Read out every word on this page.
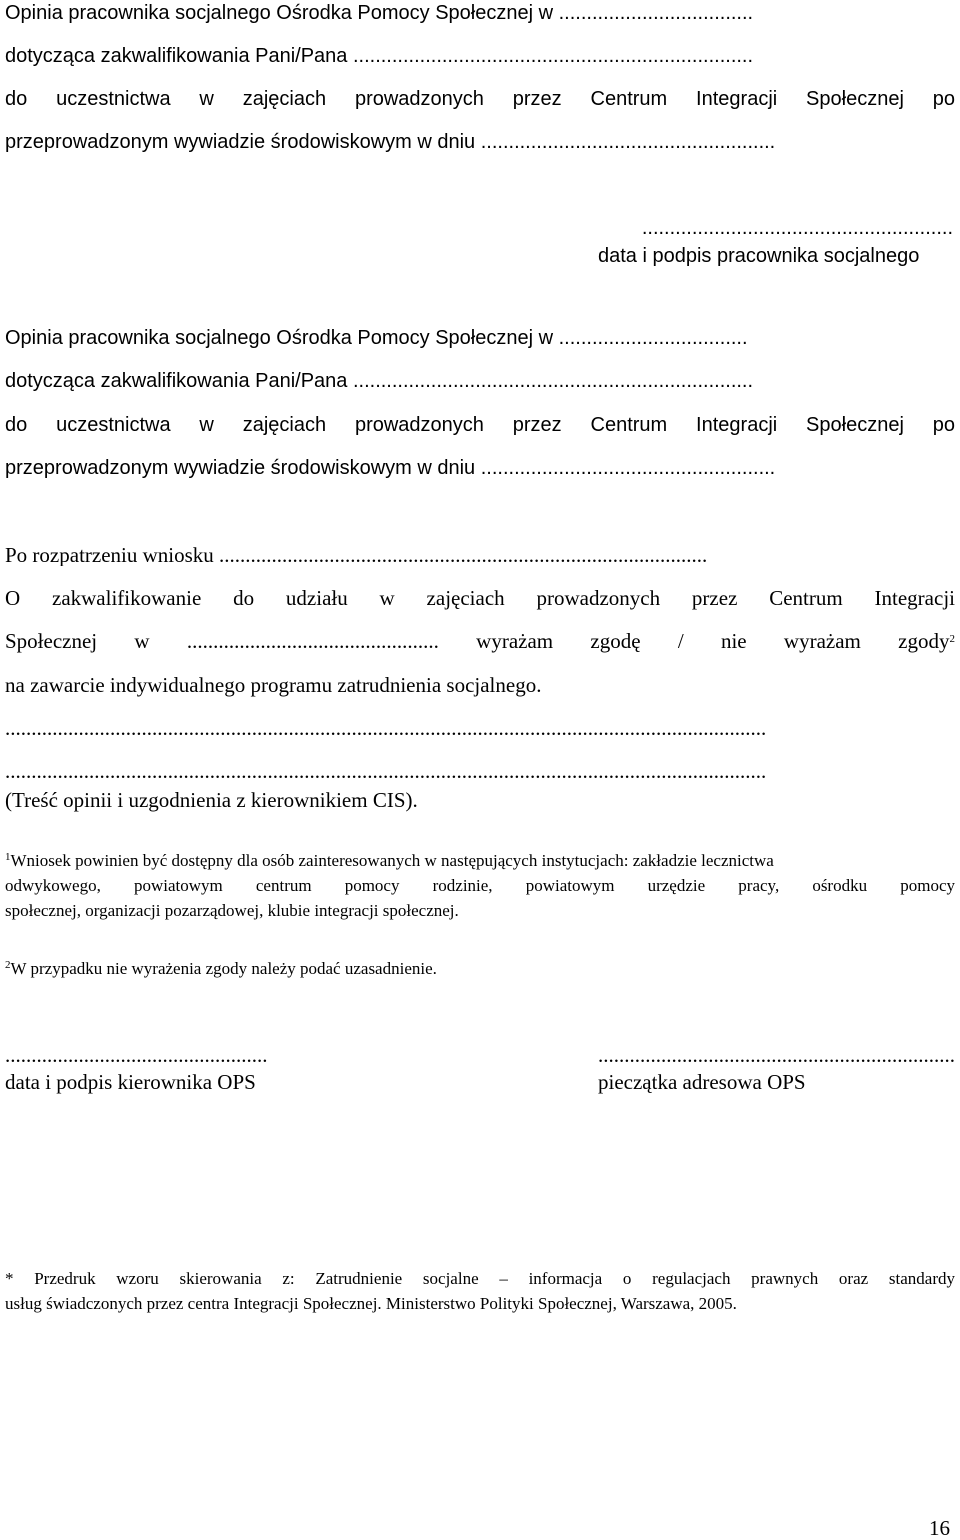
Opinia pracownika socjalnego Ośrodka Pomocy Społecznej w ...................................
dotycząca zakwalifikowania Pani/Pana ........................................................................
do uczestnictwa w zajęciach prowadzonych przez Centrum Integracji Społecznej po
przeprowadzonym wywiadzie środowiskowym w dniu .....................................................
........................................................
data i podpis pracownika socjalnego
Opinia pracownika socjalnego Ośrodka Pomocy Społecznej w ..................................
dotycząca zakwalifikowania Pani/Pana ........................................................................
do uczestnictwa w zajęciach prowadzonych przez Centrum Integracji Społecznej po
przeprowadzonym wywiadzie środowiskowym w dniu .....................................................
Po rozpatrzeniu wniosku .............................................................................................
O zakwalifikowanie do udziału w zajęciach prowadzonych przez Centrum Integracji
Społecznej w ................................................ wyrażam zgodę / nie wyrażam zgody$^2$
na zawarcie indywidualnego programu zatrudnienia socjalnego.
.................................................................................................................................................
.................................................................................................................................................
(Treść opinii i uzgodnienia z kierownikiem CIS).
$^1$Wniosek powinien być dostępny dla osób zainteresowanych w następujących instytucjach: zakładzie lecznictwa
odwykowego, powiatowym centrum pomocy rodzinie, powiatowym urzędzie pracy, ośrodku pomocy
społecznej, organizacji pozarządowej, klubie integracji społecznej.
$^2$W przypadku nie wyrażenia zgody należy podać uzasadnienie.
..................................................
data i podpis kierownika OPS
....................................................................
pieczątka adresowa OPS
* Przedruk wzoru skierowania z: Zatrudnienie socjalne – informacja o regulacjach prawnych oraz standardy
usług świadczonych przez centra Integracji Społecznej. Ministerstwo Polityki Społecznej, Warszawa, 2005.
16
